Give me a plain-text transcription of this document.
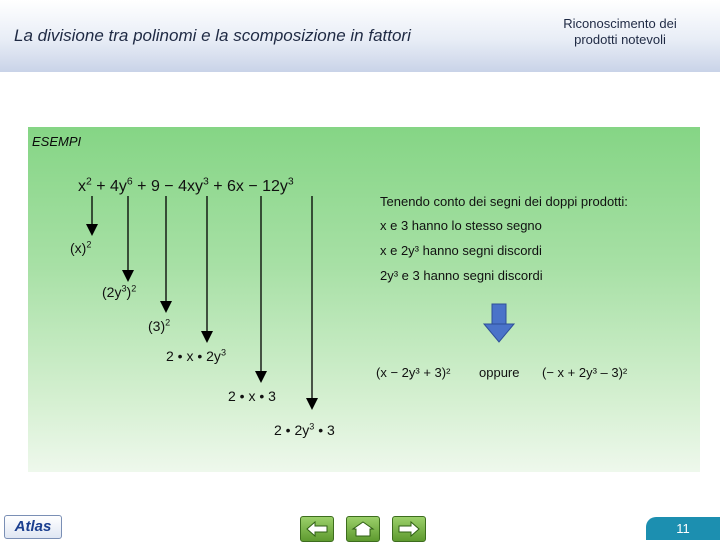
La divisione tra polinomi e la scomposizione in fattori
Riconoscimento dei prodotti notevoli
ESEMPI
$x^2 + 4y^6 + 9 - 4xy^3 + 6x - 12y^3$
Tenendo conto dei segni dei doppi prodotti:
x e 3 hanno lo stesso segno
x e 2y³ hanno segni discordi
2y³ e 3 hanno segni discordi
$(x)^2$
$(2y^3)^2$
$(3)^2$
2 • x • $2y^3$
2 • x • 3
2 • $2y^3$ • 3
(x − 2y³ + 3)² oppure (− x + 2y³ – 3)²
Atlas	11
